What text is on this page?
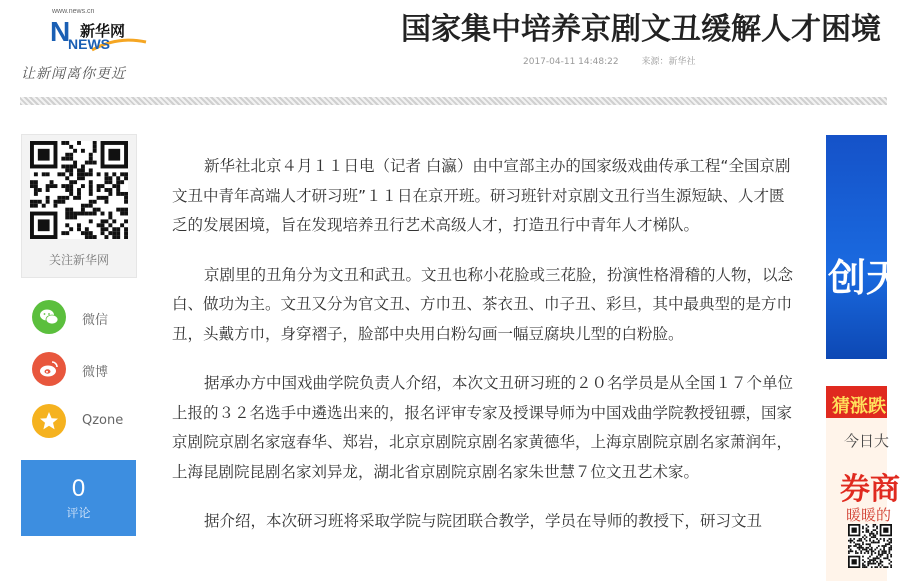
www.news.cn
N 新华网
NEWS
让新闻离你更近
国家集中培养京剧文丑缓解人才困境
2017-04-11 14:48:22	来源：新华社
关注新华网
微信
微博
Qzone
0
评论

新华社北京４月１１日电（记者 白瀛）由中宣部主办的国家级戏曲传承工程“全国京剧文丑中青年高端人才研习班”１１日在京开班。研习班针对京剧文丑行当生源短缺、人才匮乏的发展困境，旨在发现培养丑行艺术高级人才，打造丑行中青年人才梯队。

京剧里的丑角分为文丑和武丑。文丑也称小花脸或三花脸，扮演性格滑稽的人物，以念白、做功为主。文丑又分为官文丑、方巾丑、茶衣丑、巾子丑、彩旦，其中最典型的是方巾丑，头戴方巾，身穿褶子，脸部中央用白粉勾画一幅豆腐块儿型的白粉脸。

据承办方中国戏曲学院负责人介绍，本次文丑研习班的２０名学员是从全国１７个单位上报的３２名选手中遴选出来的，报名评审专家及授课导师为中国戏曲学院教授钮骠，国家京剧院京剧名家寇春华、郑岩，北京京剧院京剧名家黄德华，上海京剧院京剧名家萧润年，上海昆剧院昆剧名家刘异龙，湖北省京剧院京剧名家朱世慧７位文丑艺术家。

据介绍，本次研习班将采取学院与院团联合教学，学员在导师的教授下，研习文丑

创天
猜涨跌
今日大
券商
暖暖的
